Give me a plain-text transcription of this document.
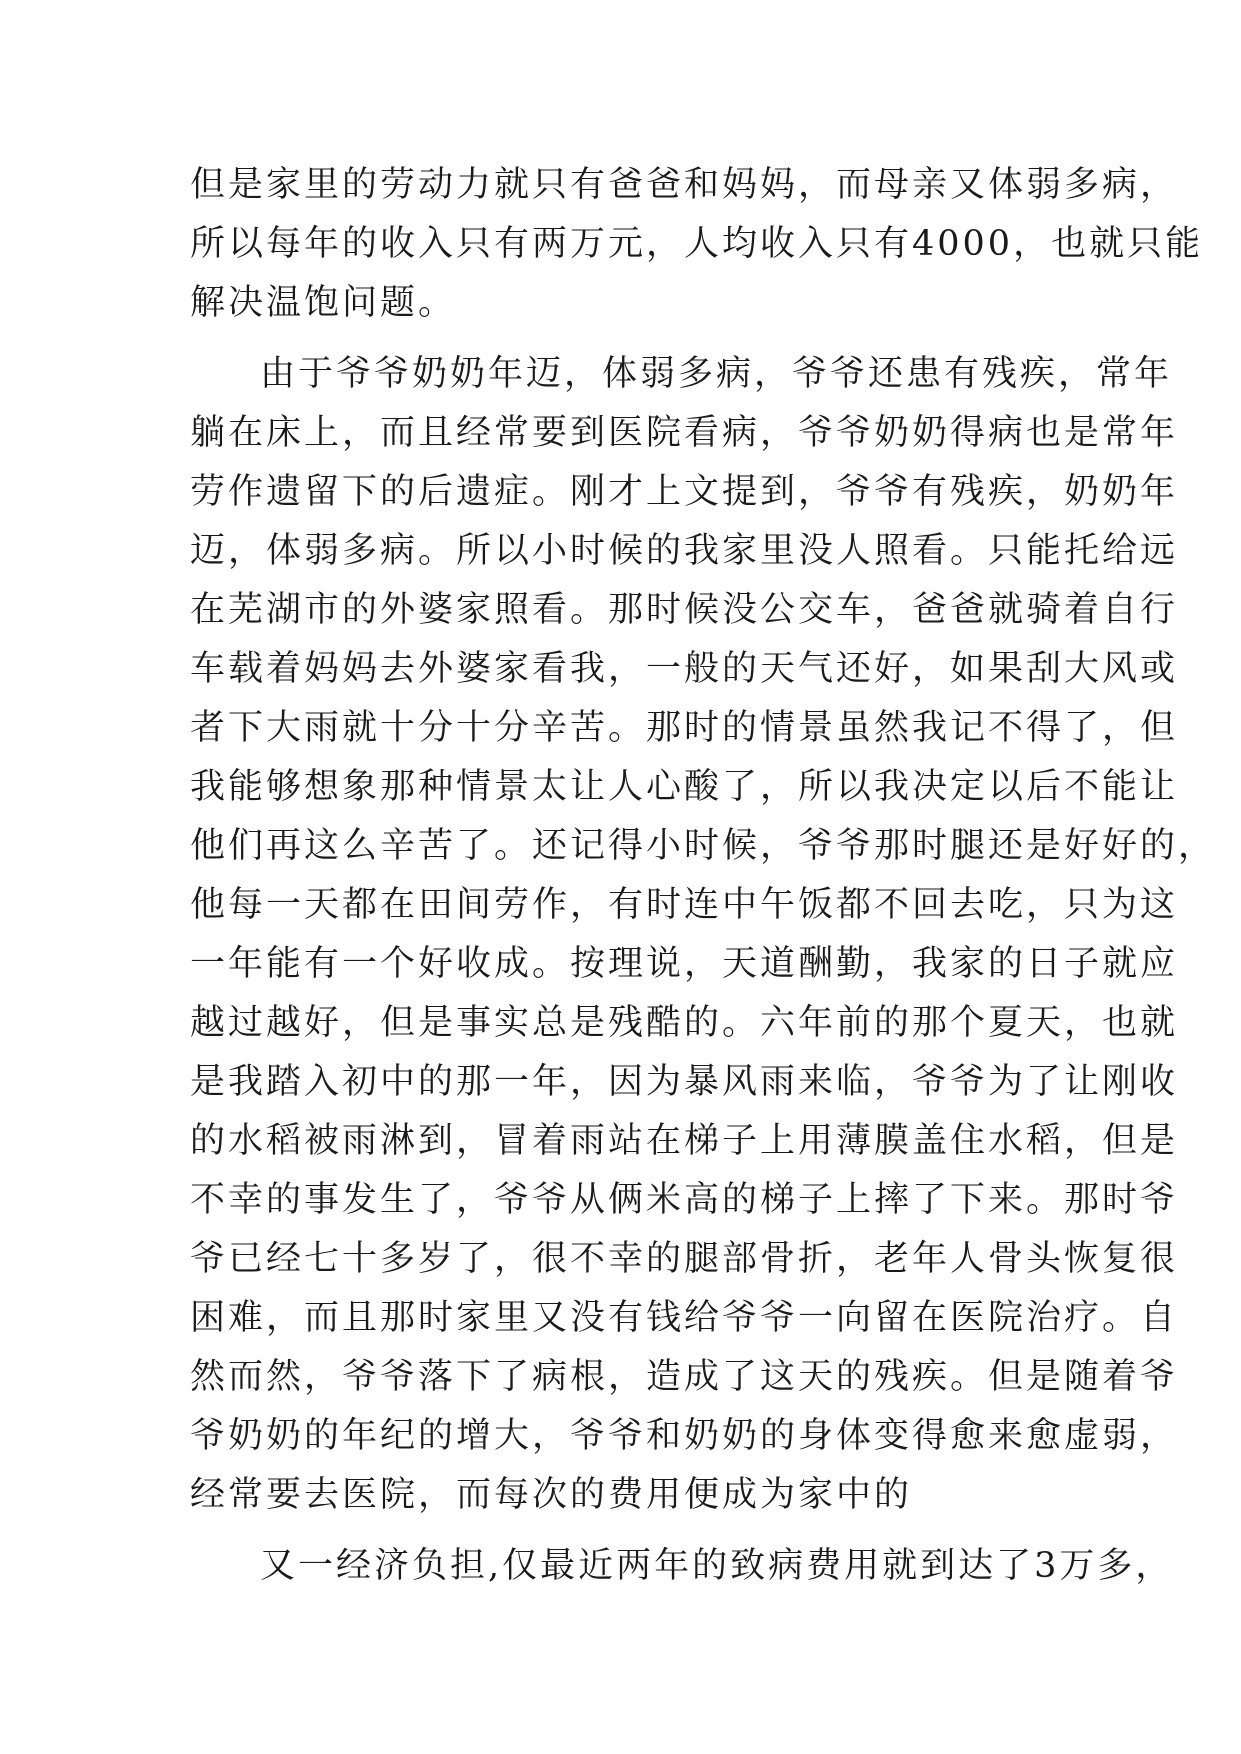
但是家里的劳动力就只有爸爸和妈妈，而母亲又体弱多病，
所以每年的收入只有两万元，人均收入只有4000，也就只能
解决温饱问题。
由于爷爷奶奶年迈，体弱多病，爷爷还患有残疾，常年
躺在床上，而且经常要到医院看病，爷爷奶奶得病也是常年
劳作遗留下的后遗症。刚才上文提到，爷爷有残疾，奶奶年
迈，体弱多病。所以小时候的我家里没人照看。只能托给远
在芜湖市的外婆家照看。那时候没公交车，爸爸就骑着自行
车载着妈妈去外婆家看我，一般的天气还好，如果刮大风或
者下大雨就十分十分辛苦。那时的情景虽然我记不得了，但
我能够想象那种情景太让人心酸了，所以我决定以后不能让
他们再这么辛苦了。还记得小时候，爷爷那时腿还是好好的，
他每一天都在田间劳作，有时连中午饭都不回去吃，只为这
一年能有一个好收成。按理说，天道酬勤，我家的日子就应
越过越好，但是事实总是残酷的。六年前的那个夏天，也就
是我踏入初中的那一年，因为暴风雨来临，爷爷为了让刚收
的水稻被雨淋到，冒着雨站在梯子上用薄膜盖住水稻，但是
不幸的事发生了，爷爷从俩米高的梯子上摔了下来。那时爷
爷已经七十多岁了，很不幸的腿部骨折，老年人骨头恢复很
困难，而且那时家里又没有钱给爷爷一向留在医院治疗。自
然而然，爷爷落下了病根，造成了这天的残疾。但是随着爷
爷奶奶的年纪的增大，爷爷和奶奶的身体变得愈来愈虚弱，
经常要去医院，而每次的费用便成为家中的
又一经济负担,仅最近两年的致病费用就到达了3万多，
